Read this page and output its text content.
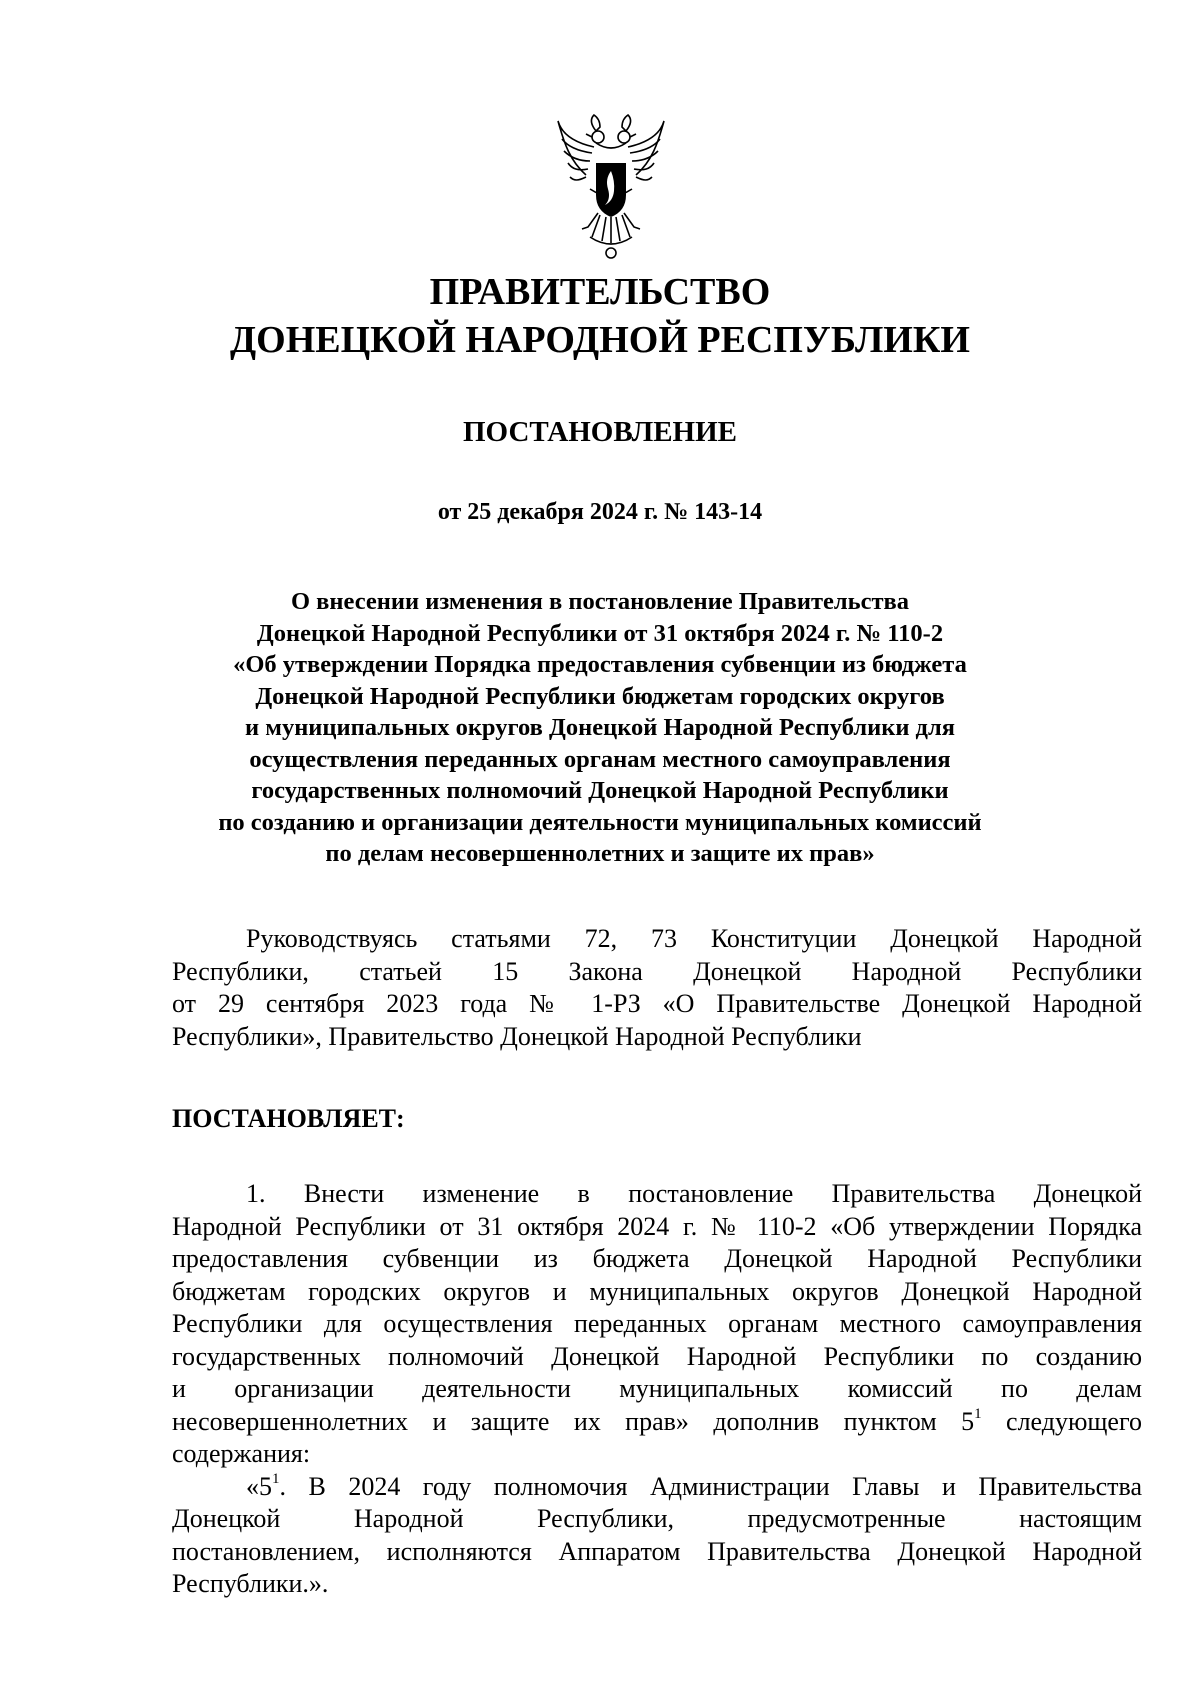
ПРАВИТЕЛЬСТВО
ДОНЕЦКОЙ НАРОДНОЙ РЕСПУБЛИКИ
ПОСТАНОВЛЕНИЕ
от 25 декабря 2024 г. № 143-14
О внесении изменения в постановление Правительства
Донецкой Народной Республики от 31 октября 2024 г. № 110-2
«Об утверждении Порядка предоставления субвенции из бюджета
Донецкой Народной Республики бюджетам городских округов
и муниципальных округов Донецкой Народной Республики для
осуществления переданных органам местного самоуправления
государственных полномочий Донецкой Народной Республики
по созданию и организации деятельности муниципальных комиссий
по делам несовершеннолетних и защите их прав»
Руководствуясь статьями 72, 73 Конституции Донецкой Народной
Республики, статьей 15 Закона Донецкой Народной Республики
от 29 сентября 2023 года № 1-РЗ «О Правительстве Донецкой Народной
Республики», Правительство Донецкой Народной Республики
ПОСТАНОВЛЯЕТ:
1. Внести изменение в постановление Правительства Донецкой
Народной Республики от 31 октября 2024 г. № 110-2 «Об утверждении Порядка
предоставления субвенции из бюджета Донецкой Народной Республики
бюджетам городских округов и муниципальных округов Донецкой Народной
Республики для осуществления переданных органам местного самоуправления
государственных полномочий Донецкой Народной Республики по созданию
и организации деятельности муниципальных комиссий по делам
несовершеннолетних и защите их прав» дополнив пунктом $5^1$ следующего
содержания:
«$5^1$. В 2024 году полномочия Администрации Главы и Правительства
Донецкой Народной Республики, предусмотренные настоящим
постановлением, исполняются Аппаратом Правительства Донецкой Народной
Республики.».
